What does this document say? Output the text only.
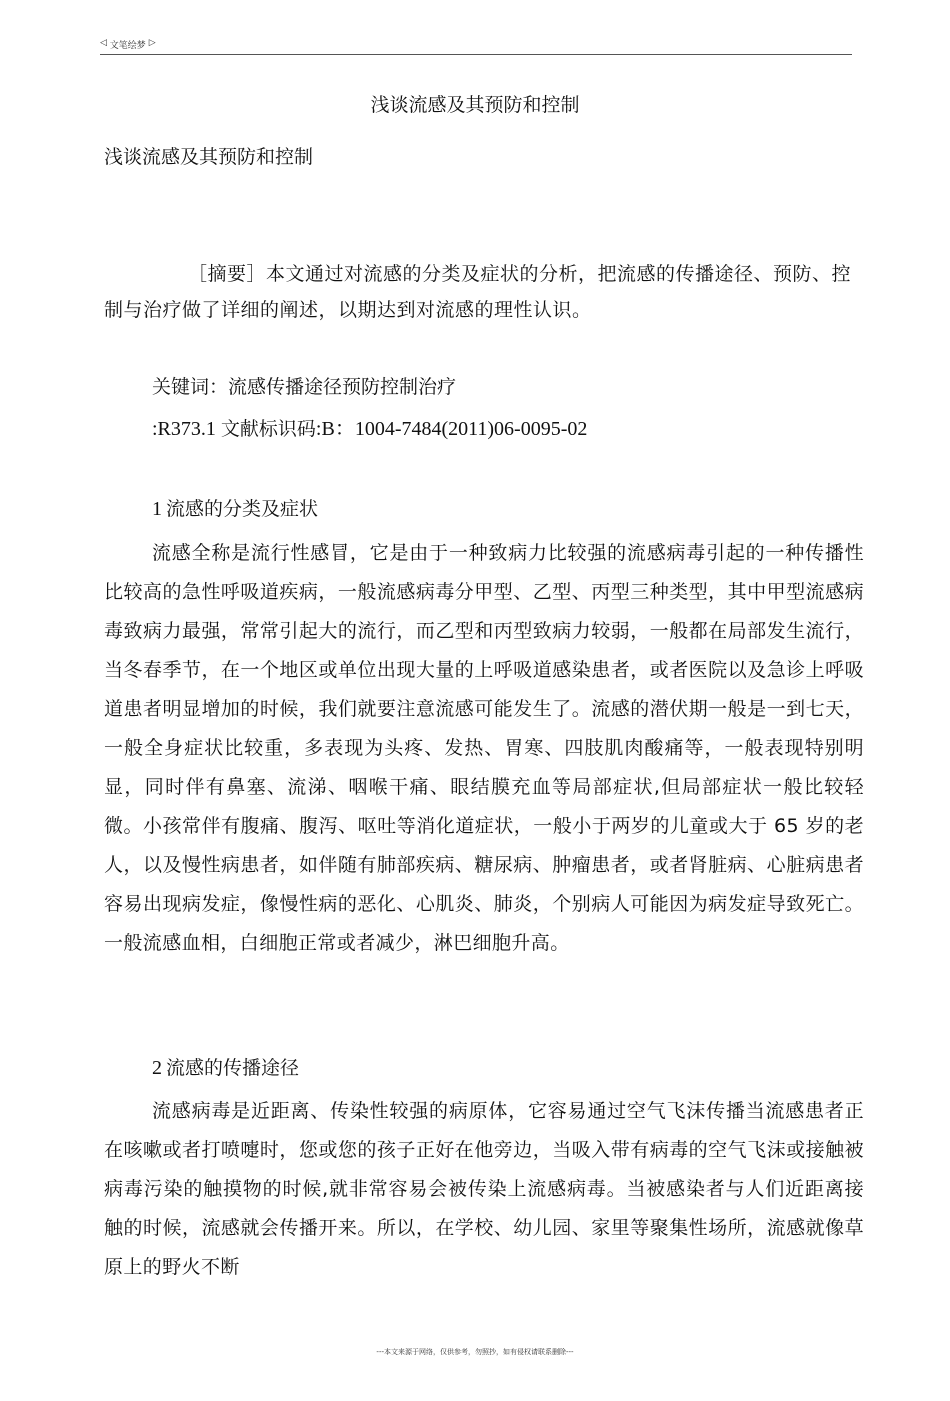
◁ 文笔绘梦 ▷
浅谈流感及其预防和控制
浅谈流感及其预防和控制
［摘要］本文通过对流感的分类及症状的分析，把流感的传播途径、预防、控制与治疗做了详细的阐述，以期达到对流感的理性认识。
关键词：流感传播途径预防控制治疗
:R373.1 文献标识码:B：1004-7484(2011)06-0095-02
1 流感的分类及症状

流感全称是流行性感冒，它是由于一种致病力比较强的流感病毒引起的一种传播性比较高的急性呼吸道疾病，一般流感病毒分甲型、乙型、丙型三种类型，其中甲型流感病毒致病力最强，常常引起大的流行，而乙型和丙型致病力较弱，一般都在局部发生流行，当冬春季节，在一个地区或单位出现大量的上呼吸道感染患者，或者医院以及急诊上呼吸道患者明显增加的时候，我们就要注意流感可能发生了。流感的潜伏期一般是一到七天，一般全身症状比较重，多表现为头疼、发热、胃寒、四肢肌肉酸痛等，一般表现特别明显，同时伴有鼻塞、流涕、咽喉干痛、眼结膜充血等局部症状,但局部症状一般比较轻微。小孩常伴有腹痛、腹泻、呕吐等消化道症状，一般小于两岁的儿童或大于 65 岁的老人，以及慢性病患者，如伴随有肺部疾病、糖尿病、肿瘤患者，或者肾脏病、心脏病患者容易出现病发症，像慢性病的恶化、心肌炎、肺炎，个别病人可能因为病发症导致死亡。一般流感血相，白细胞正常或者减少，淋巴细胞升高。

2 流感的传播途径

流感病毒是近距离、传染性较强的病原体，它容易通过空气飞沫传播当流感患者正在咳嗽或者打喷嚏时，您或您的孩子正好在他旁边，当吸入带有病毒的空气飞沫或接触被病毒污染的触摸物的时候,就非常容易会被传染上流感病毒。当被感染者与人们近距离接触的时候，流感就会传播开来。所以，在学校、幼儿园、家里等聚集性场所，流感就像草原上的野火不断

---本文来源于网络，仅供参考，勿照抄，如有侵权请联系删除---
